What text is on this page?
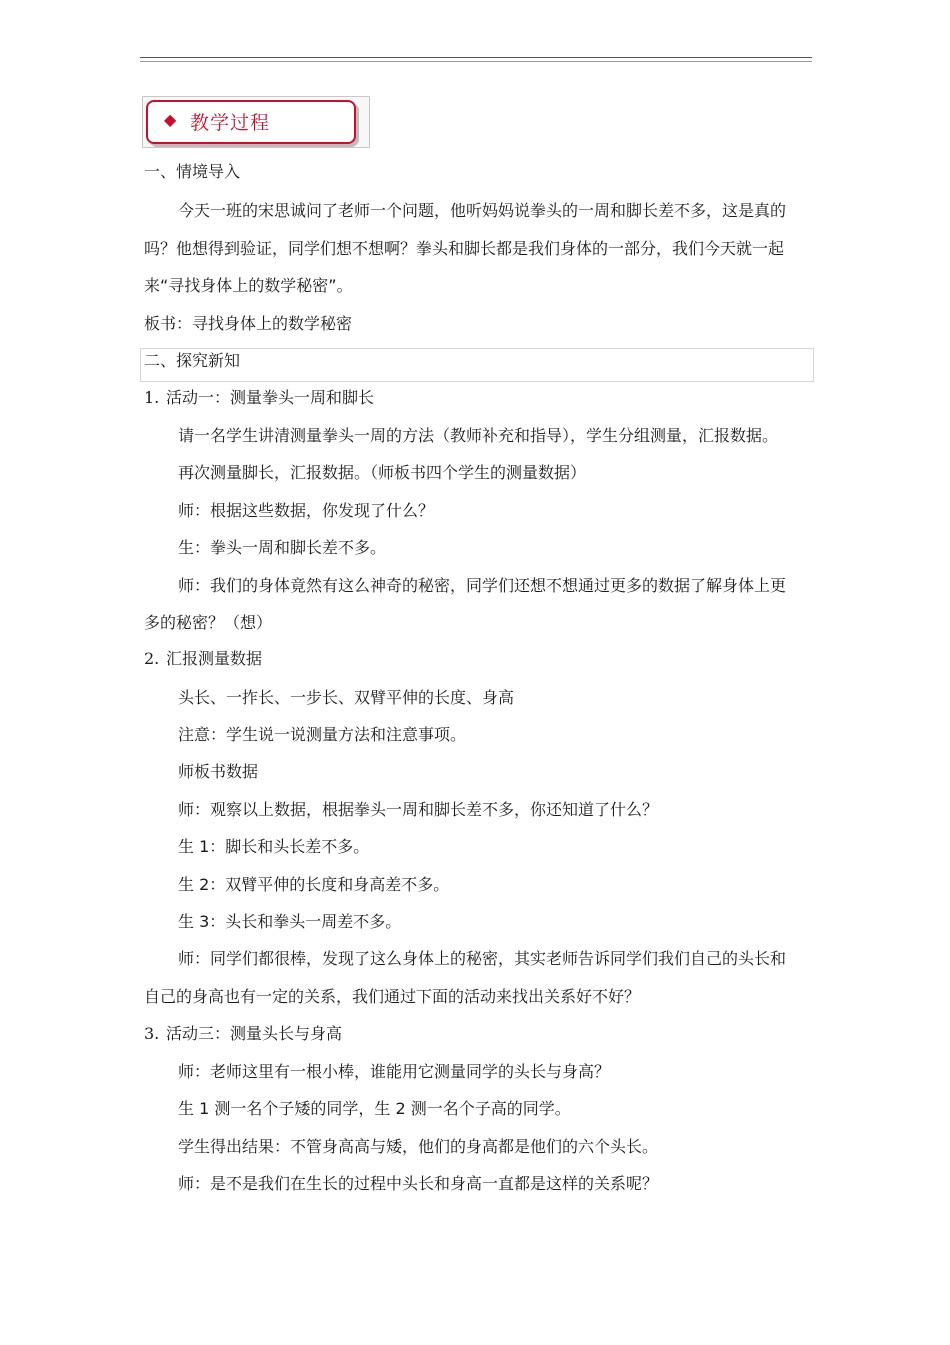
◆ 教学过程
一、情境导入
今天一班的宋思诚问了老师一个问题，他听妈妈说拳头的一周和脚长差不多，这是真的
吗？他想得到验证，同学们想不想啊？拳头和脚长都是我们身体的一部分，我们今天就一起
来“寻找身体上的数学秘密”。
板书：寻找身体上的数学秘密
二、探究新知
1. 活动一：测量拳头一周和脚长
请一名学生讲清测量拳头一周的方法（教师补充和指导），学生分组测量，汇报数据。
再次测量脚长，汇报数据。（师板书四个学生的测量数据）
师：根据这些数据，你发现了什么？
生：拳头一周和脚长差不多。
师：我们的身体竟然有这么神奇的秘密，同学们还想不想通过更多的数据了解身体上更
多的秘密？（想）
2. 汇报测量数据
头长、一拃长、一步长、双臂平伸的长度、身高
注意：学生说一说测量方法和注意事项。
师板书数据
师：观察以上数据，根据拳头一周和脚长差不多，你还知道了什么？
生 1：脚长和头长差不多。
生 2：双臂平伸的长度和身高差不多。
生 3：头长和拳头一周差不多。
师：同学们都很棒，发现了这么身体上的秘密，其实老师告诉同学们我们自己的头长和
自己的身高也有一定的关系，我们通过下面的活动来找出关系好不好？
3. 活动三：测量头长与身高
师：老师这里有一根小棒，谁能用它测量同学的头长与身高？
生 1 测一名个子矮的同学，生 2 测一名个子高的同学。
学生得出结果：不管身高高与矮，他们的身高都是他们的六个头长。
师：是不是我们在生长的过程中头长和身高一直都是这样的关系呢？
